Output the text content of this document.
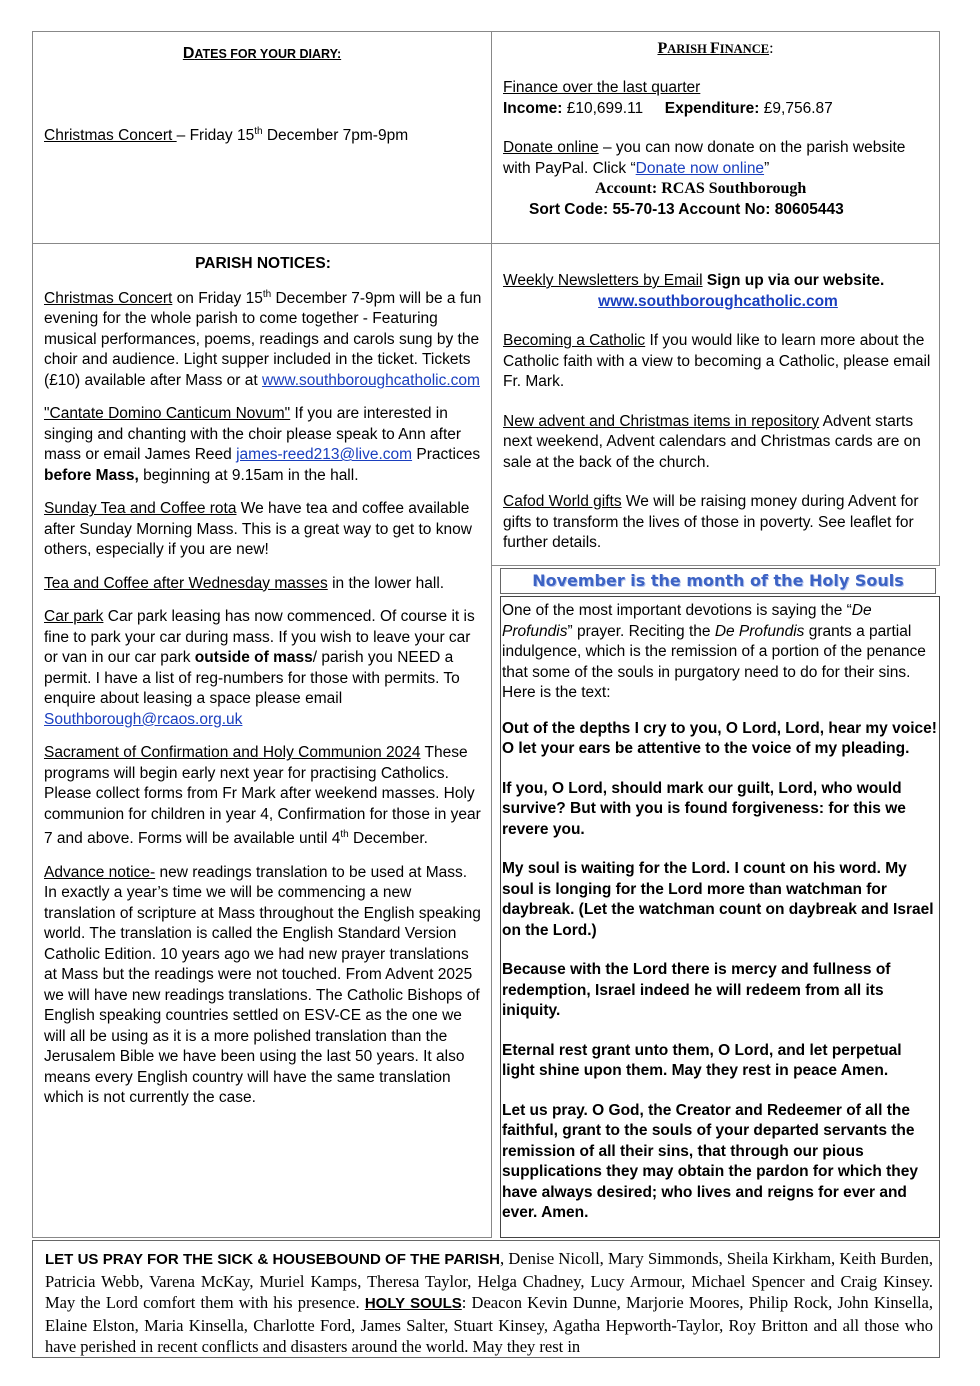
DATES FOR YOUR DIARY:

Christmas Concert – Friday 15th December 7pm-9pm

PARISH FINANCE:

Finance over the last quarter

Income: £10,699.11 Expenditure: £9,756.87

Donate online – you can now donate on the parish website with PayPal. Click “Donate now online”

Account: RCAS Southborough

Sort Code: 55-70-13 Account No: 80605443

PARISH NOTICES:

Christmas Concert on Friday 15th December 7-9pm will be a fun evening for the whole parish to come together - Featuring musical performances, poems, readings and carols sung by the choir and audience. Light supper included in the ticket. Tickets (£10) available after Mass or at www.southboroughcatholic.com

"Cantate Domino Canticum Novum" If you are interested in singing and chanting with the choir please speak to Ann after mass or email James Reed james-reed213@live.com Practices before Mass, beginning at 9.15am in the hall.

Sunday Tea and Coffee rota We have tea and coffee available after Sunday Morning Mass. This is a great way to get to know others, especially if you are new!

Tea and Coffee after Wednesday masses in the lower hall.

Car park Car park leasing has now commenced. Of course it is fine to park your car during mass. If you wish to leave your car or van in our car park outside of mass/ parish you NEED a permit. I have a list of reg-numbers for those with permits. To enquire about leasing a space please email Southborough@rcaos.org.uk

Sacrament of Confirmation and Holy Communion 2024 These programs will begin early next year for practising Catholics. Please collect forms from Fr Mark after weekend masses. Holy communion for children in year 4, Confirmation for those in year 7 and above. Forms will be available until 4th December.

Advance notice- new readings translation to be used at Mass. In exactly a year’s time we will be commencing a new translation of scripture at Mass throughout the English speaking world. The translation is called the English Standard Version Catholic Edition. 10 years ago we had new prayer translations at Mass but the readings were not touched. From Advent 2025 we will have new readings translations. The Catholic Bishops of English speaking countries settled on ESV-CE as the one we will all be using as it is a more polished translation than the Jerusalem Bible we have been using the last 50 years. It also means every English country will have the same translation which is not currently the case.

Weekly Newsletters by Email Sign up via our website.

www.southboroughcatholic.com

Becoming a Catholic If you would like to learn more about the Catholic faith with a view to becoming a Catholic, please email Fr. Mark.

New advent and Christmas items in repository Advent starts next weekend, Advent calendars and Christmas cards are on sale at the back of the church.

Cafod World gifts We will be raising money during Advent for gifts to transform the lives of those in poverty. See leaflet for further details.

November is the month of the Holy Souls

One of the most important devotions is saying the “De Profundis” prayer. Reciting the De Profundis grants a partial indulgence, which is the remission of a portion of the penance that some of the souls in purgatory need to do for their sins. Here is the text:

Out of the depths I cry to you, O Lord, Lord, hear my voice! O let your ears be attentive to the voice of my pleading.

If you, O Lord, should mark our guilt, Lord, who would survive? But with you is found forgiveness: for this we revere you.

My soul is waiting for the Lord. I count on his word. My soul is longing for the Lord more than watchman for daybreak. (Let the watchman count on daybreak and Israel on the Lord.)

Because with the Lord there is mercy and fullness of redemption, Israel indeed he will redeem from all its iniquity.

Eternal rest grant unto them, O Lord, and let perpetual light shine upon them. May they rest in peace Amen.

Let us pray. O God, the Creator and Redeemer of all the faithful, grant to the souls of your departed servants the remission of all their sins, that through our pious supplications they may obtain the pardon for which they have always desired; who lives and reigns for ever and ever. Amen.

LET US PRAY FOR THE SICK & HOUSEBOUND OF THE PARISH, Denise Nicoll, Mary Simmonds, Sheila Kirkham, Keith Burden, Patricia Webb, Varena McKay, Muriel Kamps, Theresa Taylor, Helga Chadney, Lucy Armour, Michael Spencer and Craig Kinsey. May the Lord comfort them with his presence. HOLY SOULS: Deacon Kevin Dunne, Marjorie Moores, Philip Rock, John Kinsella, Elaine Elston, Maria Kinsella, Charlotte Ford, James Salter, Stuart Kinsey, Agatha Hepworth-Taylor, Roy Britton and all those who have perished in recent conflicts and disasters around the world. May they rest in
